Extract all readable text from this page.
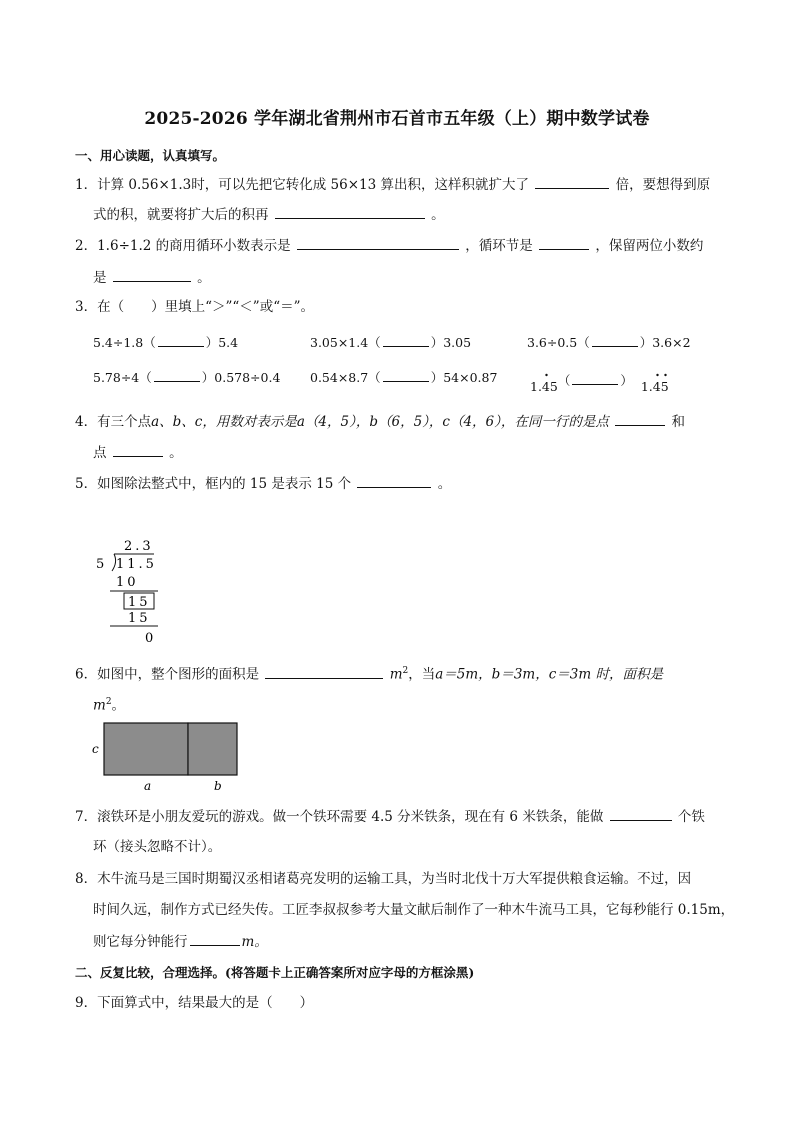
2025-2026 学年湖北省荆州市石首市五年级（上）期中数学试卷
一、用心读题，认真填写。
1．计算 0.56×1.3时，可以先把它转化成 56×13 算出积，这样积就扩大了	倍，要想得到原
式的积，就要将扩大后的积再	。
2．1.6÷1.2 的商用循环小数表示是	，循环节是	，保留两位小数约
是	。
3．在（　　）里填上“＞”“＜”或“＝”。
5.4÷1.8（	）5.4	3.05×1.4（	）3.05	3.6÷0.5（	）3.6×2
5.78÷4（	）0.578÷0.4 0.54×8.7（	）54×0.87
1.45
（	） 1.45
4．有三个点a、b、c，用数对表示是a（4，5），b（6，5），c（4，6），在同一行的是点	和
点	。
5．如图除法整式中，框内的 15 是表示 15 个	。
2.3
5 11.5
10
15
15
0
6．如图中，整个图形的面积是	$m^2$，当a＝5m，b＝3m，c＝3m 时，面积是
$m^2$。
c
a	b
7．滚铁环是小朋友爱玩的游戏。做一个铁环需要 4.5 分米铁条，现在有 6 米铁条，能做	个铁
环（接头忽略不计）。
8．木牛流马是三国时期蜀汉丞相诸葛亮发明的运输工具，为当时北伐十万大军提供粮食运输。不过，因
时间久远，制作方式已经失传。工匠李叔叔参考大量文献后制作了一种木牛流马工具，它每秒能行 0.15m，
则它每分钟能行	m。
二、反复比较，合理选择。(将答题卡上正确答案所对应字母的方框涂黑)
9．下面算式中，结果最大的是（　　）
